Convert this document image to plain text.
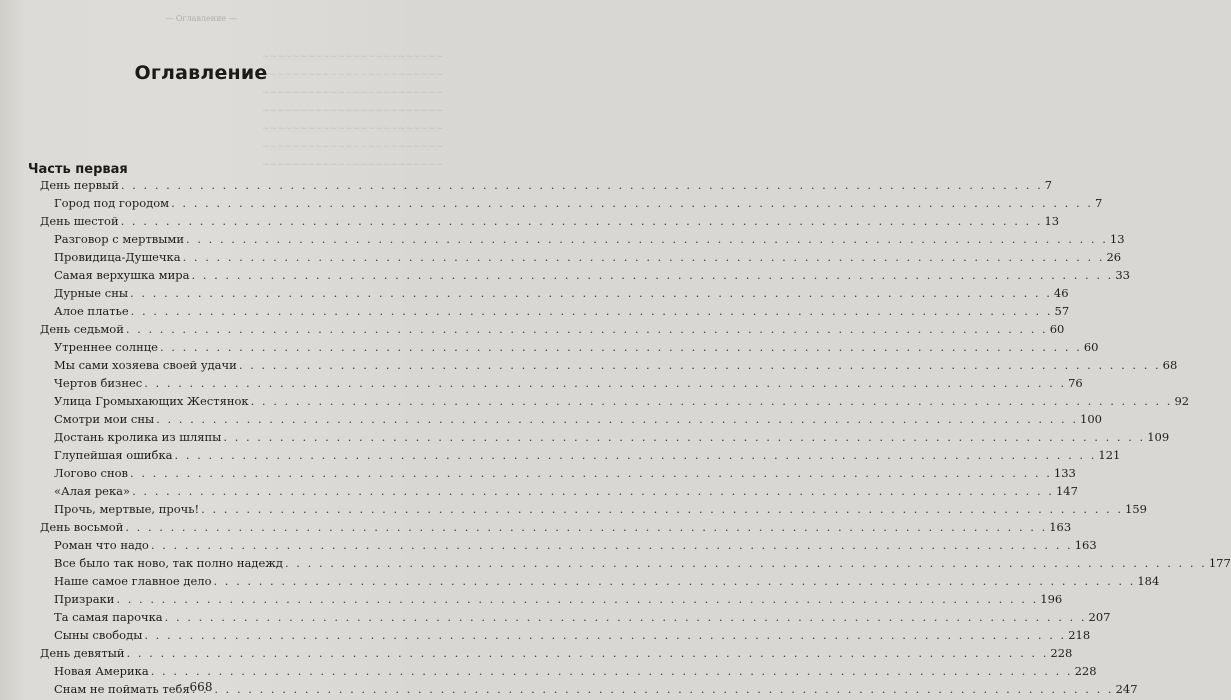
— Оглавление —
~~~~~~~~~~~~~~~~~~~~~~~~
~~~~~~~~~~~~~~~~~~~~~~~~
~~~~~~~~~~~~~~~~~~~~~~~~
~~~~~~~~~~~~~~~~~~~~~~~~
~~~~~~~~~~~~~~~~~~~~~~~~
~~~~~~~~~~~~~~~~~~~~~~~~
~~~~~~~~~~~~~~~~~~~~~~~~
Оглавление
Часть первая
День первый . . .	7
Город под городом . . .	7
День шестой . . .	13
Разговор с мертвыми . . .	13
Провидица-Душечка . . .	26
Самая верхушка мира . . .	33
Дурные сны . . .	46
Алое платье . . .	57
День седьмой . . .	60
Утреннее солнце . . .	60
Мы сами хозяева своей удачи . . .	68
Чертов бизнес . . .	76
Улица Громыхающих Жестянок . . .	92
Смотри мои сны . . .	100
Достань кролика из шляпы . . .	109
Глупейшая ошибка . . .	121
Логово снов . . .	133
«Алая река» . . .	147
Прочь, мертвые, прочь! . . .	159
День восьмой . . .	163
Роман что надо . . .	163
Все было так ново, так полно надежд . . .	177
Наше самое главное дело . . .	184
Призраки . . .	196
Та самая парочка . . .	207
Сыны свободы . . .	218
День девятый . . .	228
Новая Америка . . .	228
Снам не поймать тебя . . .	247
668
